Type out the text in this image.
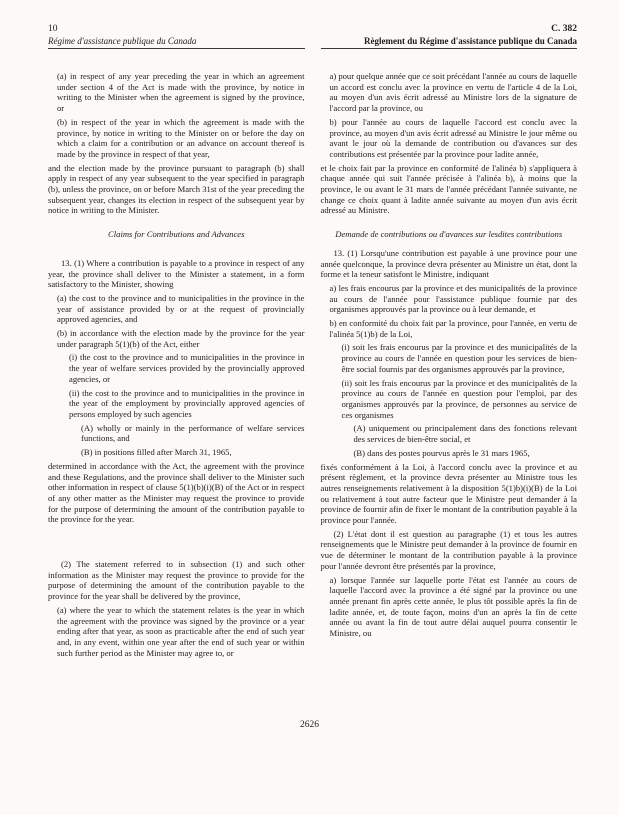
10	C. 382
Régime d'assistance publique du Canada	Règlement du Régime d'assistance publique du Canada
(a) in respect of any year preceding the year in which an agreement under section 4 of the Act is made with the province, by notice in writing to the Minister when the agreement is signed by the province, or
(b) in respect of the year in which the agreement is made with the province, by notice in writing to the Minister on or before the day on which a claim for a contribution or an advance on account thereof is made by the province in respect of that year,
and the election made by the province pursuant to paragraph (b) shall apply in respect of any year subsequent to the year specified in paragraph (b), unless the province, on or before March 31st of the year preceding the subsequent year, changes its election in respect of the subsequent year by notice in writing to the Minister.
Claims for Contributions and Advances
13. (1) Where a contribution is payable to a province in respect of any year, the province shall deliver to the Minister a statement, in a form satisfactory to the Minister, showing
(a) the cost to the province and to municipalities in the province in the year of assistance provided by or at the request of provincially approved agencies, and
(b) in accordance with the election made by the province for the year under paragraph 5(1)(b) of the Act, either
(i) the cost to the province and to municipalities in the province in the year of welfare services provided by the provincially approved agencies, or
(ii) the cost to the province and to municipalities in the province in the year of the employment by provincially approved agencies of persons employed by such agencies
(A) wholly or mainly in the performance of welfare services functions, and
(B) in positions filled after March 31, 1965,
determined in accordance with the Act, the agreement with the province and these Regulations, and the province shall deliver to the Minister such other information in respect of clause 5(1)(b)(i)(B) of the Act or in respect of any other matter as the Minister may request the province to provide for the purpose of determining the amount of the contribution payable to the province for the year.
(2) The statement referred to in subsection (1) and such other information as the Minister may request the province to provide for the purpose of determining the amount of the contribution payable to the province for the year shall be delivered by the province,
(a) where the year to which the statement relates is the year in which the agreement with the province was signed by the province or a year ending after that year, as soon as practicable after the end of such year and, in any event, within one year after the end of such year or within such further period as the Minister may agree to, or
a) pour quelque année que ce soit précédant l'année au cours de laquelle un accord est conclu avec la province en vertu de l'article 4 de la Loi, au moyen d'un avis écrit adressé au Ministre lors de la signature de l'accord par la province, ou
b) pour l'année au cours de laquelle l'accord est conclu avec la province, au moyen d'un avis écrit adressé au Ministre le jour même ou avant le jour où la demande de contribution ou d'avances sur des contributions est présentée par la province pour ladite année,
et le choix fait par la province en conformité de l'alinéa b) s'appliquera à chaque année qui suit l'année précisée à l'alinéa b), à moins que la province, le ou avant le 31 mars de l'année précédant l'année suivante, ne change ce choix quant à ladite année suivante au moyen d'un avis écrit adressé au Ministre.
Demande de contributions ou d'avances sur lesdites contributions
13. (1) Lorsqu'une contribution est payable à une province pour une année quelconque, la province devra présenter au Ministre un état, dont la forme et la teneur satisfont le Ministre, indiquant
a) les frais encourus par la province et des municipalités de la province au cours de l'année pour l'assistance publique fournie par des organismes approuvés par la province ou à leur demande, et
b) en conformité du choix fait par la province, pour l'année, en vertu de l'alinéa 5(1)b) de la Loi,
(i) soit les frais encourus par la province et des municipalités de la province au cours de l'année en question pour les services de bien-être social fournis par des organismes approuvés par la province,
(ii) soit les frais encourus par la province et des municipalités de la province au cours de l'année en question pour l'emploi, par des organismes approuvés par la province, de personnes au service de ces organismes
(A) uniquement ou principalement dans des fonctions relevant des services de bien-être social, et
(B) dans des postes pourvus après le 31 mars 1965,
fixés conformément à la Loi, à l'accord conclu avec la province et au présent règlement, et la province devra présenter au Ministre tous les autres renseignements relativement à la disposition 5(1)b)(i)(B) de la Loi ou relativement à tout autre facteur que le Ministre peut demander à la province de fournir afin de fixer le montant de la contribution payable à la province pour l'année.
(2) L'état dont il est question au paragraphe (1) et tous les autres renseignements que le Ministre peut demander à la province de fournir en vue de déterminer le montant de la contribution payable à la province pour l'année devront être présentés par la province,
a) lorsque l'année sur laquelle porte l'état est l'année au cours de laquelle l'accord avec la province a été signé par la province ou une année prenant fin après cette année, le plus tôt possible après la fin de ladite année, et, de toute façon, moins d'un an après la fin de cette année ou avant la fin de tout autre délai auquel pourra consentir le Ministre, ou
2626
